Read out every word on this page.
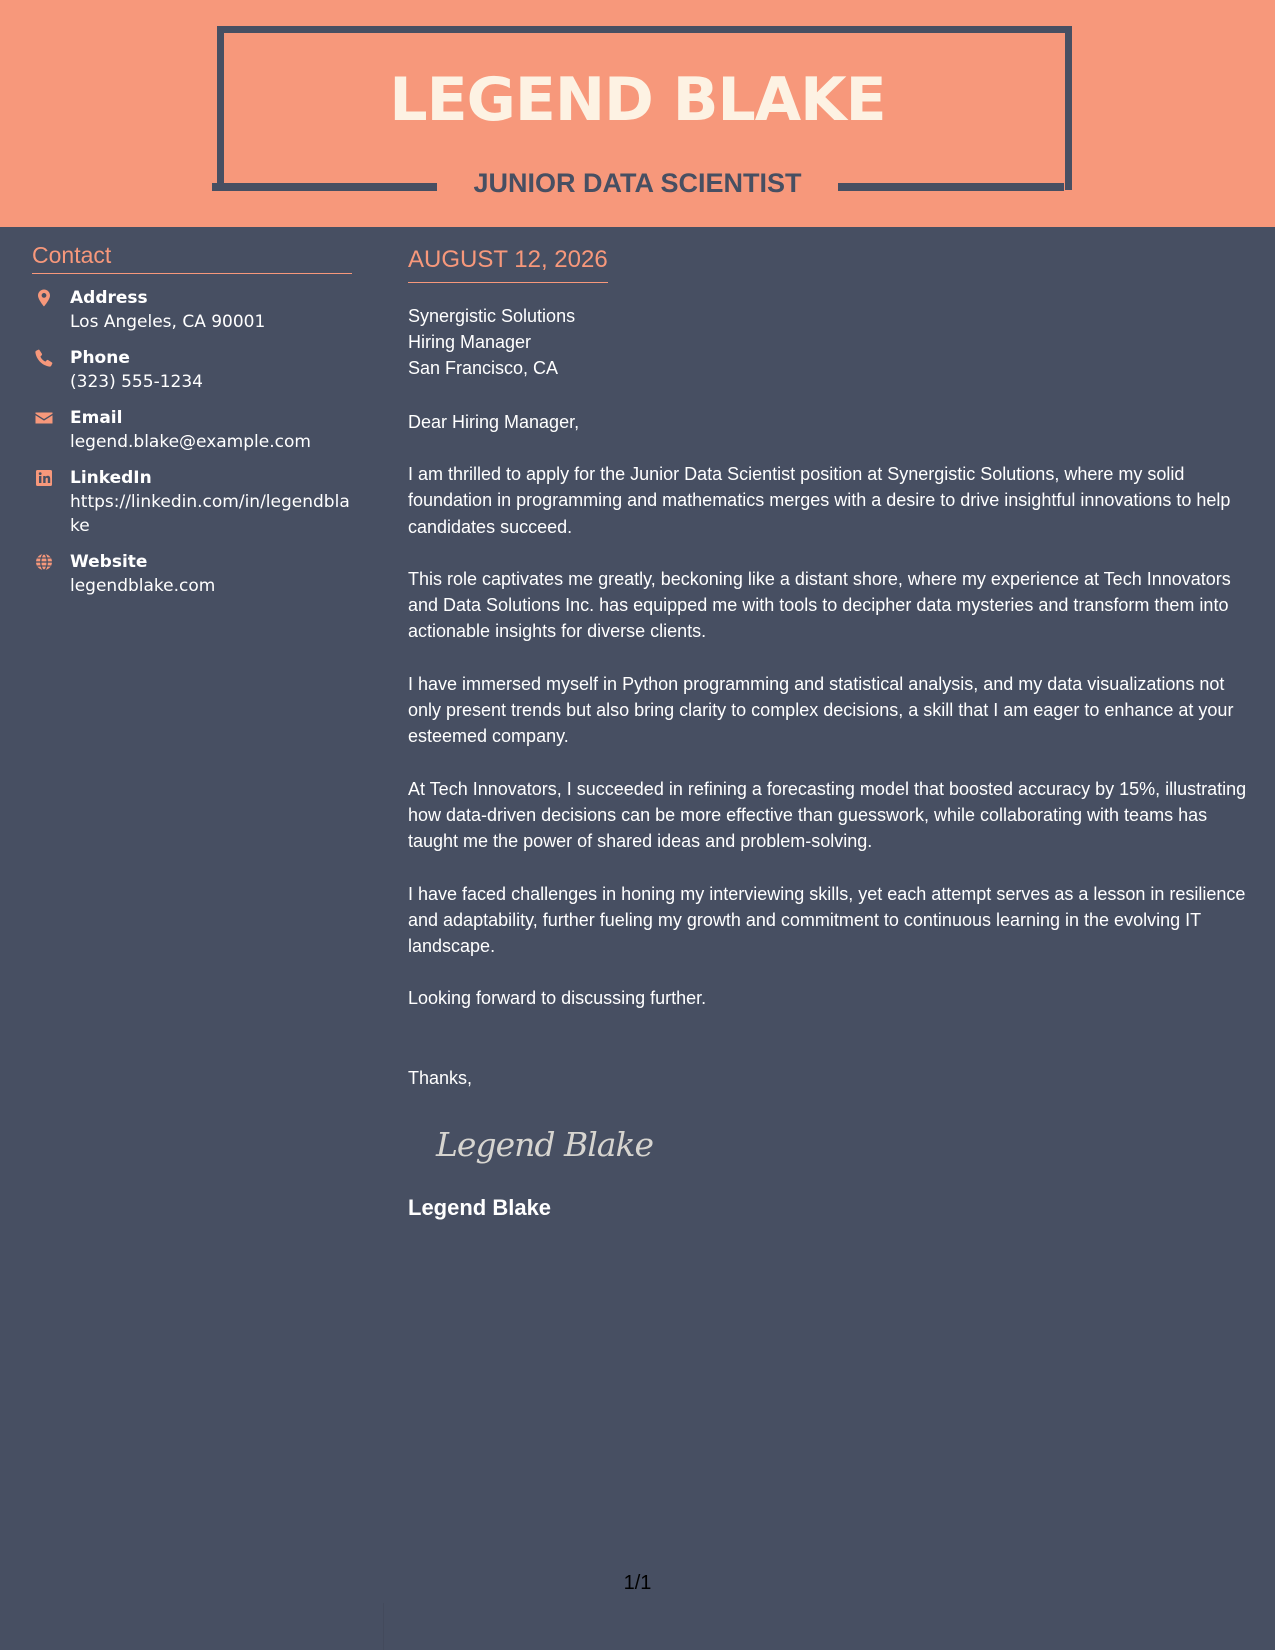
LEGEND BLAKE
JUNIOR DATA SCIENTIST
Contact
Address
Los Angeles, CA 90001
Phone
(323) 555-1234
Email
legend.blake@example.com
LinkedIn
https://linkedin.com/in/legendblake
Website
legendblake.com
AUGUST 12, 2026
Synergistic Solutions
Hiring Manager
San Francisco, CA
Dear Hiring Manager,
I am thrilled to apply for the Junior Data Scientist position at Synergistic Solutions, where my solid foundation in programming and mathematics merges with a desire to drive insightful innovations to help candidates succeed.
This role captivates me greatly, beckoning like a distant shore, where my experience at Tech Innovators and Data Solutions Inc. has equipped me with tools to decipher data mysteries and transform them into actionable insights for diverse clients.
I have immersed myself in Python programming and statistical analysis, and my data visualizations not only present trends but also bring clarity to complex decisions, a skill that I am eager to enhance at your esteemed company.
At Tech Innovators, I succeeded in refining a forecasting model that boosted accuracy by 15%, illustrating how data-driven decisions can be more effective than guesswork, while collaborating with teams has taught me the power of shared ideas and problem-solving.
I have faced challenges in honing my interviewing skills, yet each attempt serves as a lesson in resilience and adaptability, further fueling my growth and commitment to continuous learning in the evolving IT landscape.
Looking forward to discussing further.
Thanks,
Legend Blake
Legend Blake
1/1
